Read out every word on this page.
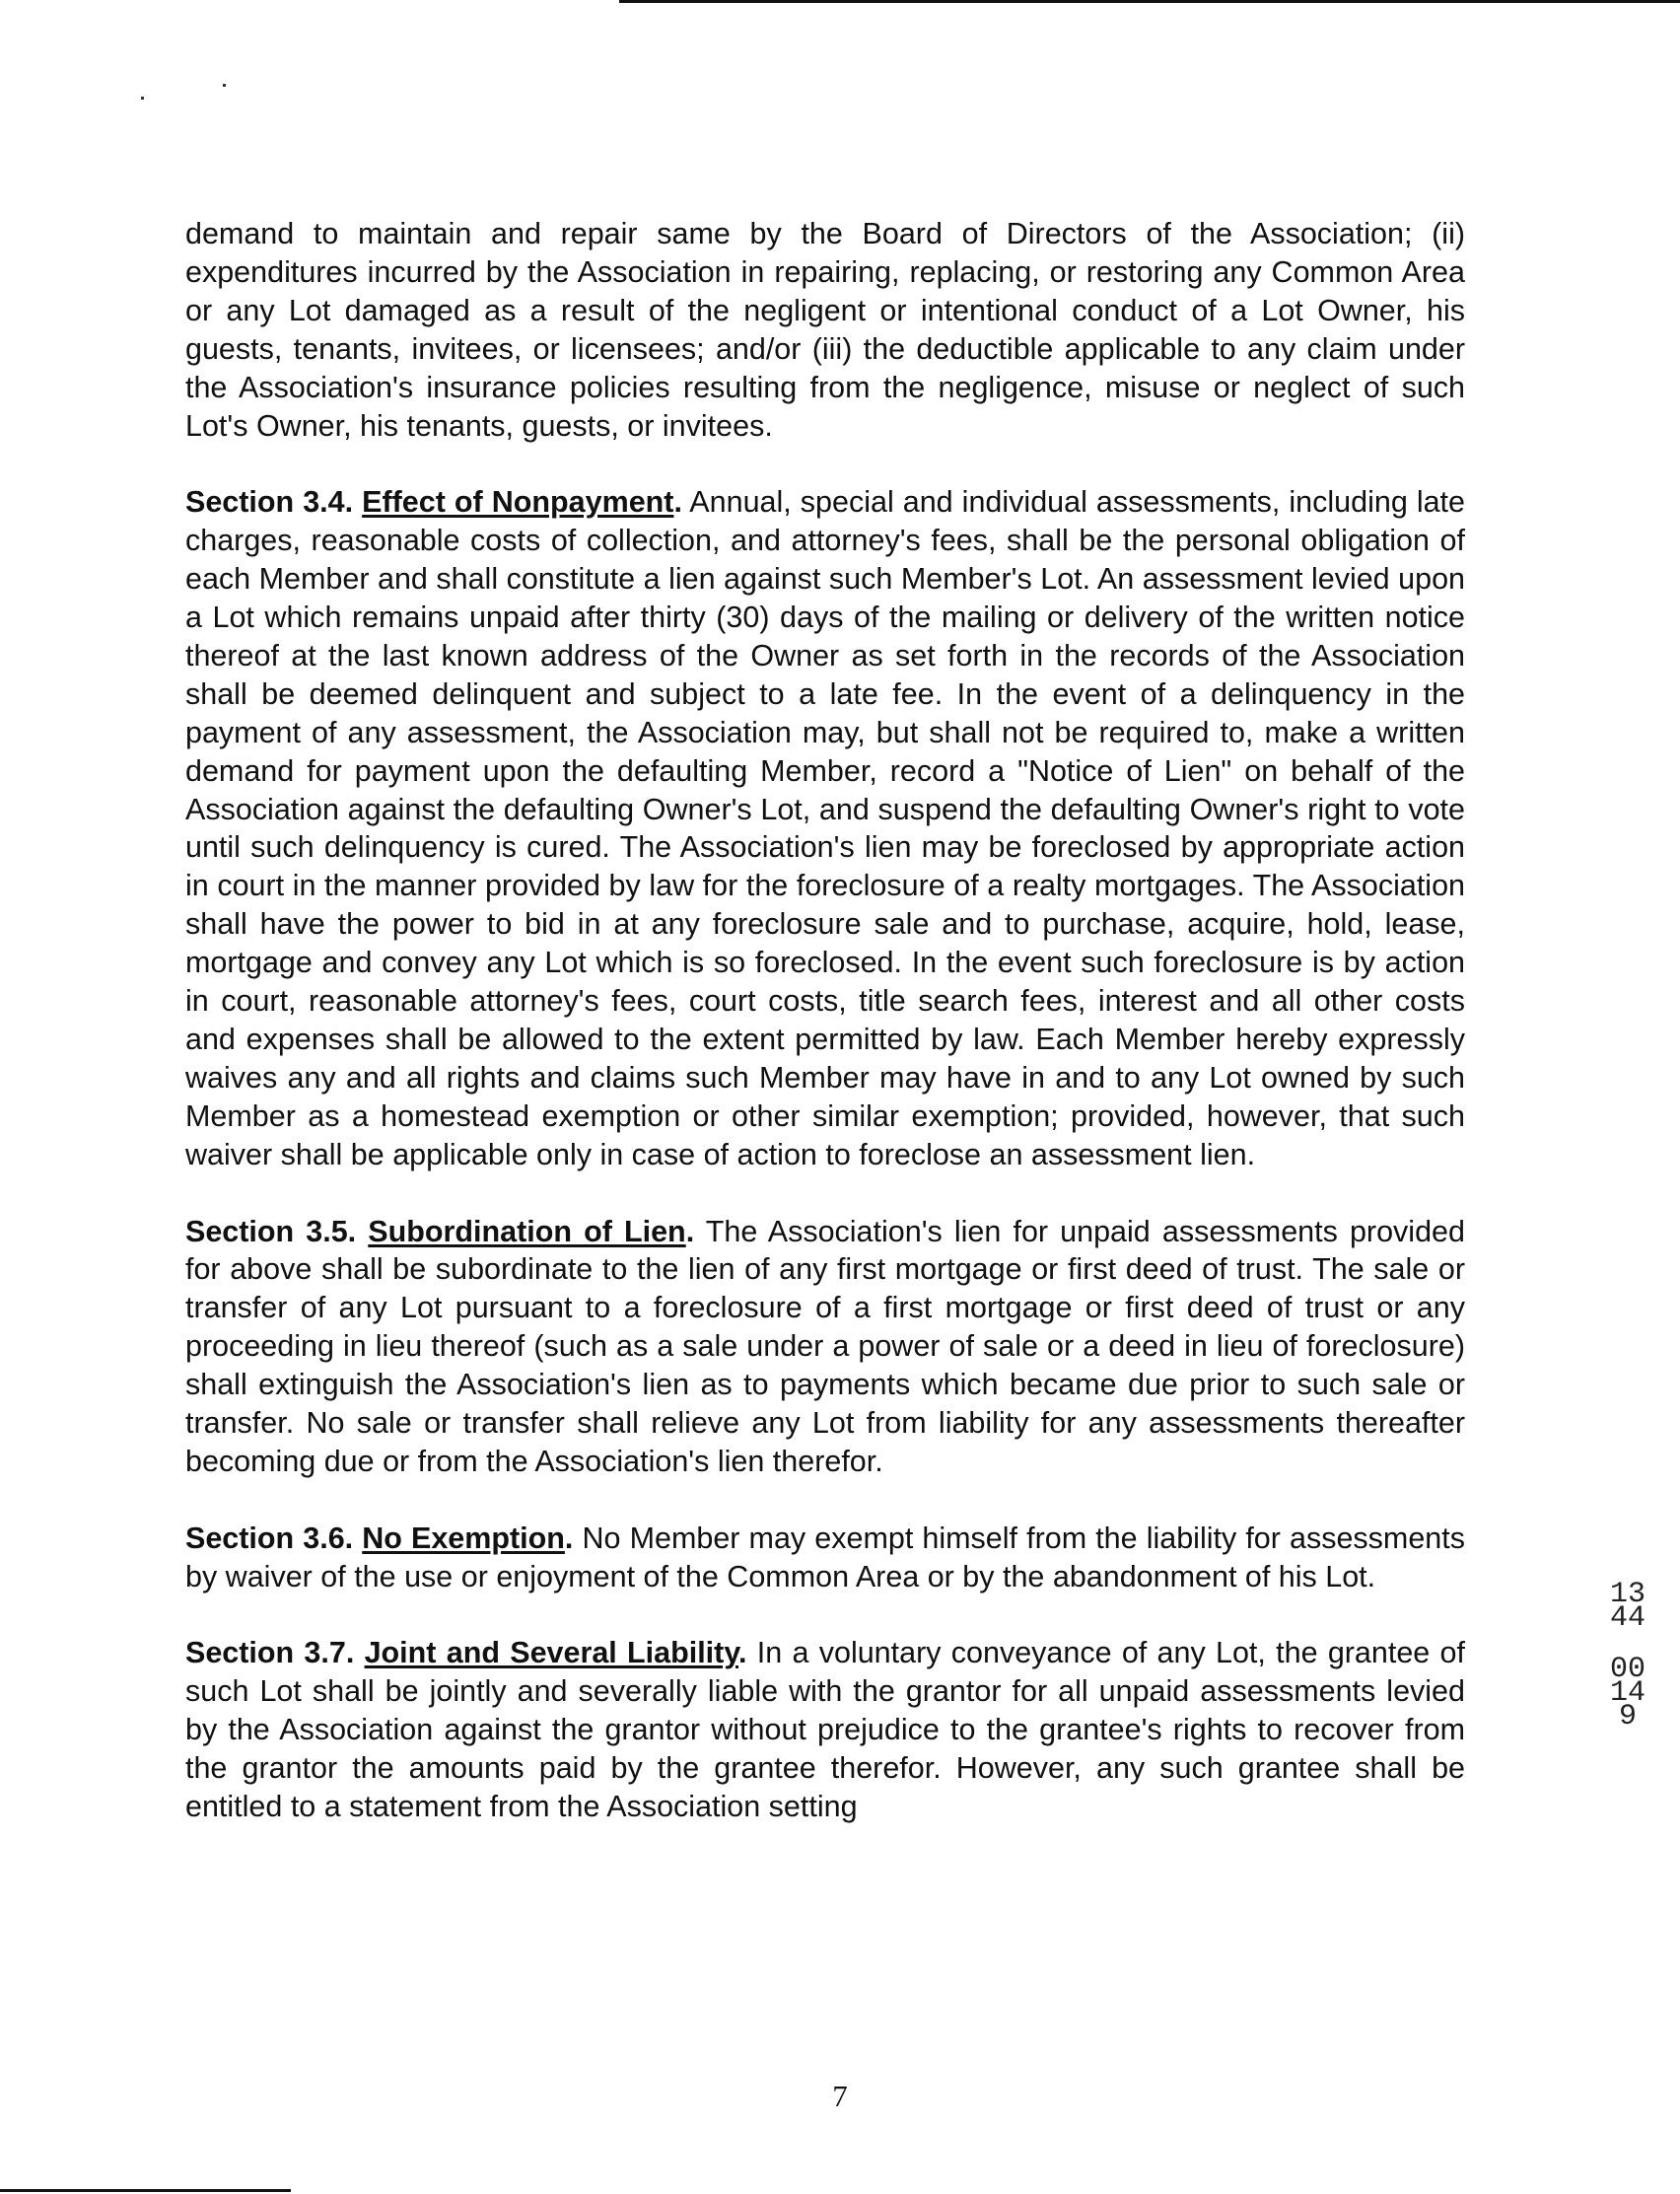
demand to maintain and repair same by the Board of Directors of the Association; (ii) expenditures incurred by the Association in repairing, replacing, or restoring any Common Area or any Lot damaged as a result of the negligent or intentional conduct of a Lot Owner, his guests, tenants, invitees, or licensees; and/or (iii) the deductible applicable to any claim under the Association's insurance policies resulting from the negligence, misuse or neglect of such Lot's Owner, his tenants, guests, or invitees.

Section 3.4. Effect of Nonpayment. Annual, special and individual assessments, including late charges, reasonable costs of collection, and attorney's fees, shall be the personal obligation of each Member and shall constitute a lien against such Member's Lot. An assessment levied upon a Lot which remains unpaid after thirty (30) days of the mailing or delivery of the written notice thereof at the last known address of the Owner as set forth in the records of the Association shall be deemed delinquent and subject to a late fee. In the event of a delinquency in the payment of any assessment, the Association may, but shall not be required to, make a written demand for payment upon the defaulting Member, record a "Notice of Lien" on behalf of the Association against the defaulting Owner's Lot, and suspend the defaulting Owner's right to vote until such delinquency is cured. The Association's lien may be foreclosed by appropriate action in court in the manner provided by law for the foreclosure of a realty mortgages. The Association shall have the power to bid in at any foreclosure sale and to purchase, acquire, hold, lease, mortgage and convey any Lot which is so foreclosed. In the event such foreclosure is by action in court, reasonable attorney's fees, court costs, title search fees, interest and all other costs and expenses shall be allowed to the extent permitted by law. Each Member hereby expressly waives any and all rights and claims such Member may have in and to any Lot owned by such Member as a homestead exemption or other similar exemption; provided, however, that such waiver shall be applicable only in case of action to foreclose an assessment lien.

Section 3.5. Subordination of Lien. The Association's lien for unpaid assessments provided for above shall be subordinate to the lien of any first mortgage or first deed of trust. The sale or transfer of any Lot pursuant to a foreclosure of a first mortgage or first deed of trust or any proceeding in lieu thereof (such as a sale under a power of sale or a deed in lieu of foreclosure) shall extinguish the Association's lien as to payments which became due prior to such sale or transfer. No sale or transfer shall relieve any Lot from liability for any assessments thereafter becoming due or from the Association's lien therefor.

Section 3.6. No Exemption. No Member may exempt himself from the liability for assessments by waiver of the use or enjoyment of the Common Area or by the abandonment of his Lot.

Section 3.7. Joint and Several Liability. In a voluntary conveyance of any Lot, the grantee of such Lot shall be jointly and severally liable with the grantor for all unpaid assessments levied by the Association against the grantor without prejudice to the grantee's rights to recover from the grantor the amounts paid by the grantee therefor. However, any such grantee shall be entitled to a statement from the Association setting

1344
00149
7
